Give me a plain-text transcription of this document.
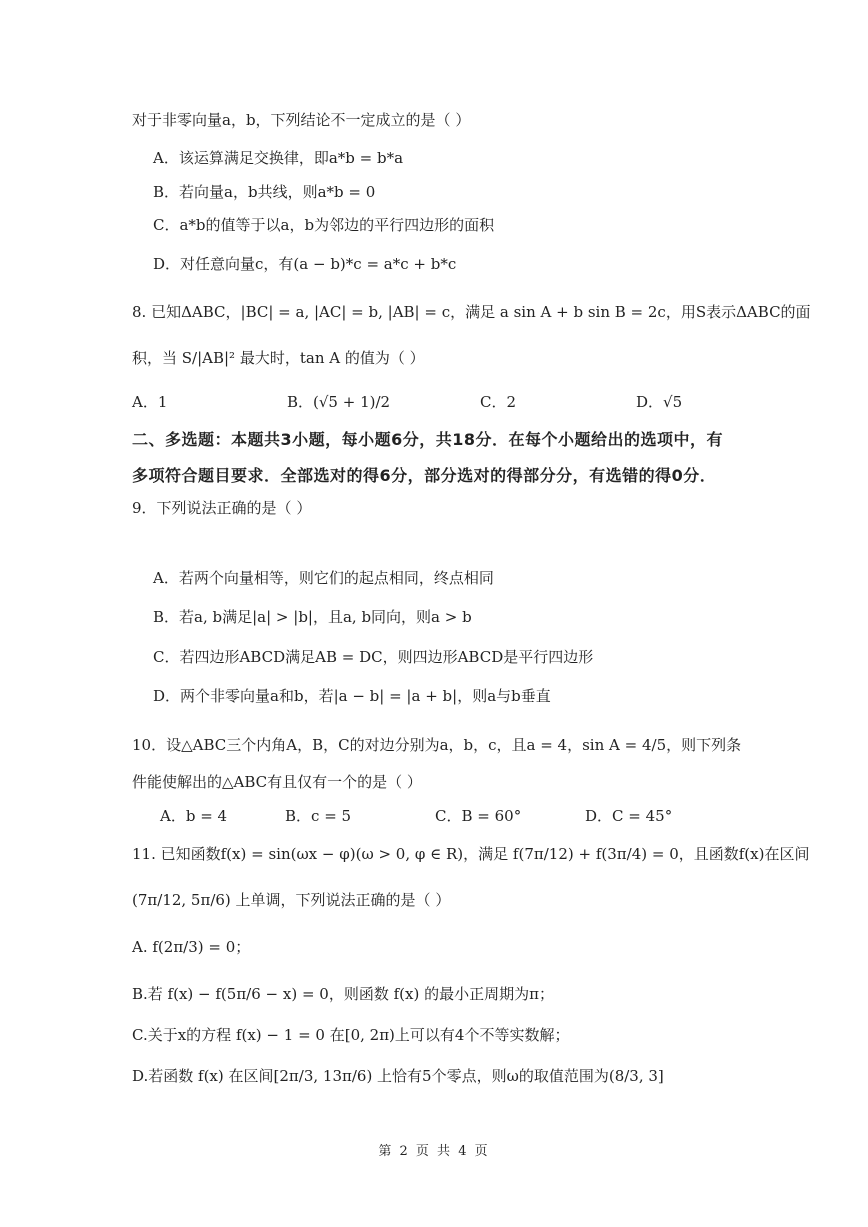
对于非零向量a，b，下列结论不一定成立的是（ ）
A．该运算满足交换律，即a*b = b*a
B．若向量a，b共线，则a*b = 0
C．a*b的值等于以a，b为邻边的平行四边形的面积
D．对任意向量c，有(a − b)*c = a*c + b*c
8. 已知ΔABC，|BC| = a, |AC| = b, |AB| = c，满足 a sin A + b sin B = 2c，用S表示ΔABC的面
积，当 S/|AB|² 最大时，tan A 的值为（ ）
A．1	B．(√5 + 1)/2	C．2	D．√5
二、多选题：本题共3小题，每小题6分，共18分．在每个小题给出的选项中，有
多项符合题目要求．全部选对的得6分，部分选对的得部分分，有选错的得0分．
9．下列说法正确的是（ ）
A．若两个向量相等，则它们的起点相同，终点相同
B．若a, b满足|a| > |b|，且a, b同向，则a > b
C．若四边形ABCD满足AB = DC，则四边形ABCD是平行四边形
D．两个非零向量a和b，若|a − b| = |a + b|，则a与b垂直
10．设△ABC三个内角A，B，C的对边分别为a，b，c，且a = 4，sin A = 4/5，则下列条
件能使解出的△ABC有且仅有一个的是（ ）
A．b = 4	B．c = 5	C．B = 60°	D．C = 45°
11. 已知函数f(x) = sin(ωx − φ)(ω > 0, φ ∈ R)，满足 f(7π/12) + f(3π/4) = 0，且函数f(x)在区间
(7π/12, 5π/6) 上单调，下列说法正确的是（ ）
A. f(2π/3) = 0；
B.若 f(x) − f(5π/6 − x) = 0，则函数 f(x) 的最小正周期为π；
C.关于x的方程 f(x) − 1 = 0 在[0, 2π)上可以有4个不等实数解；
D.若函数 f(x) 在区间[2π/3, 13π/6) 上恰有5个零点，则ω的取值范围为(8/3, 3]
第 2 页 共 4 页
